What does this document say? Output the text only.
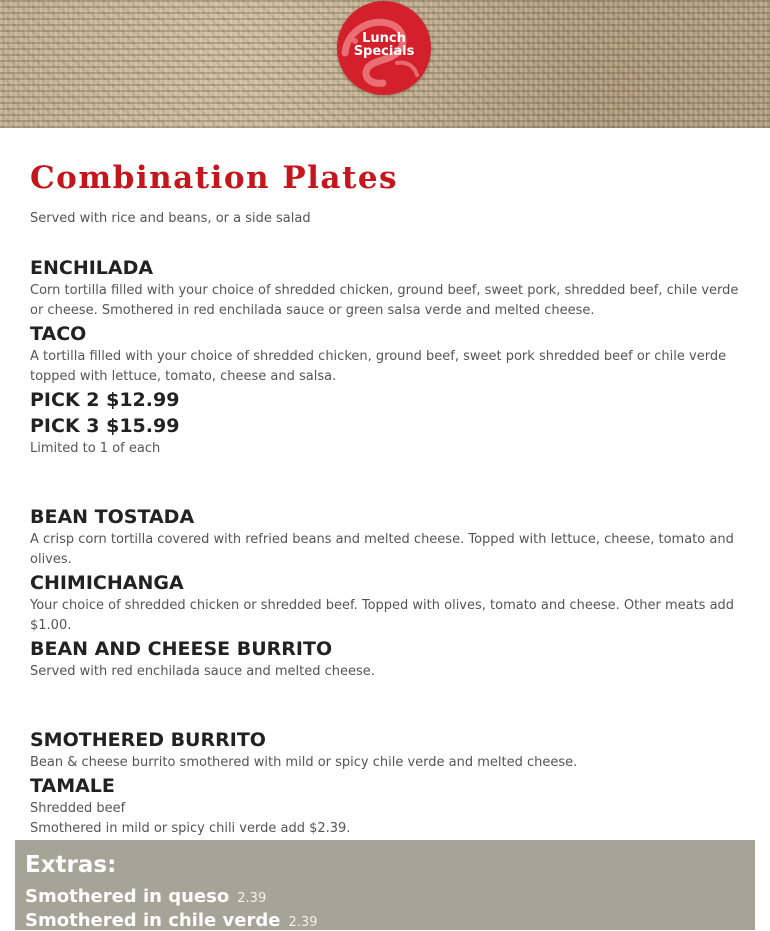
Lunch
Specials
Combination Plates

Served with rice and beans, or a side salad

ENCHILADA

Corn tortilla filled with your choice of shredded chicken, ground beef, sweet pork, shredded beef, chile verde or cheese. Smothered in red enchilada sauce or green salsa verde and melted cheese.

TACO

A tortilla filled with your choice of shredded chicken, ground beef, sweet pork shredded beef or chile verde topped with lettuce, tomato, cheese and salsa.

PICK 2 $12.99
PICK 3 $15.99

Limited to 1 of each

BEAN TOSTADA

A crisp corn tortilla covered with refried beans and melted cheese. Topped with lettuce, cheese, tomato and olives.

CHIMICHANGA

Your choice of shredded chicken or shredded beef. Topped with olives, tomato and cheese. Other meats add $1.00.

BEAN AND CHEESE BURRITO

Served with red enchilada sauce and melted cheese.

SMOTHERED BURRITO

Bean & cheese burrito smothered with mild or spicy chile verde and melted cheese.

TAMALE

Shredded beef

Smothered in mild or spicy chili verde add $2.39.

Extras:

Smothered in queso 2.39

Smothered in chile verde 2.39
